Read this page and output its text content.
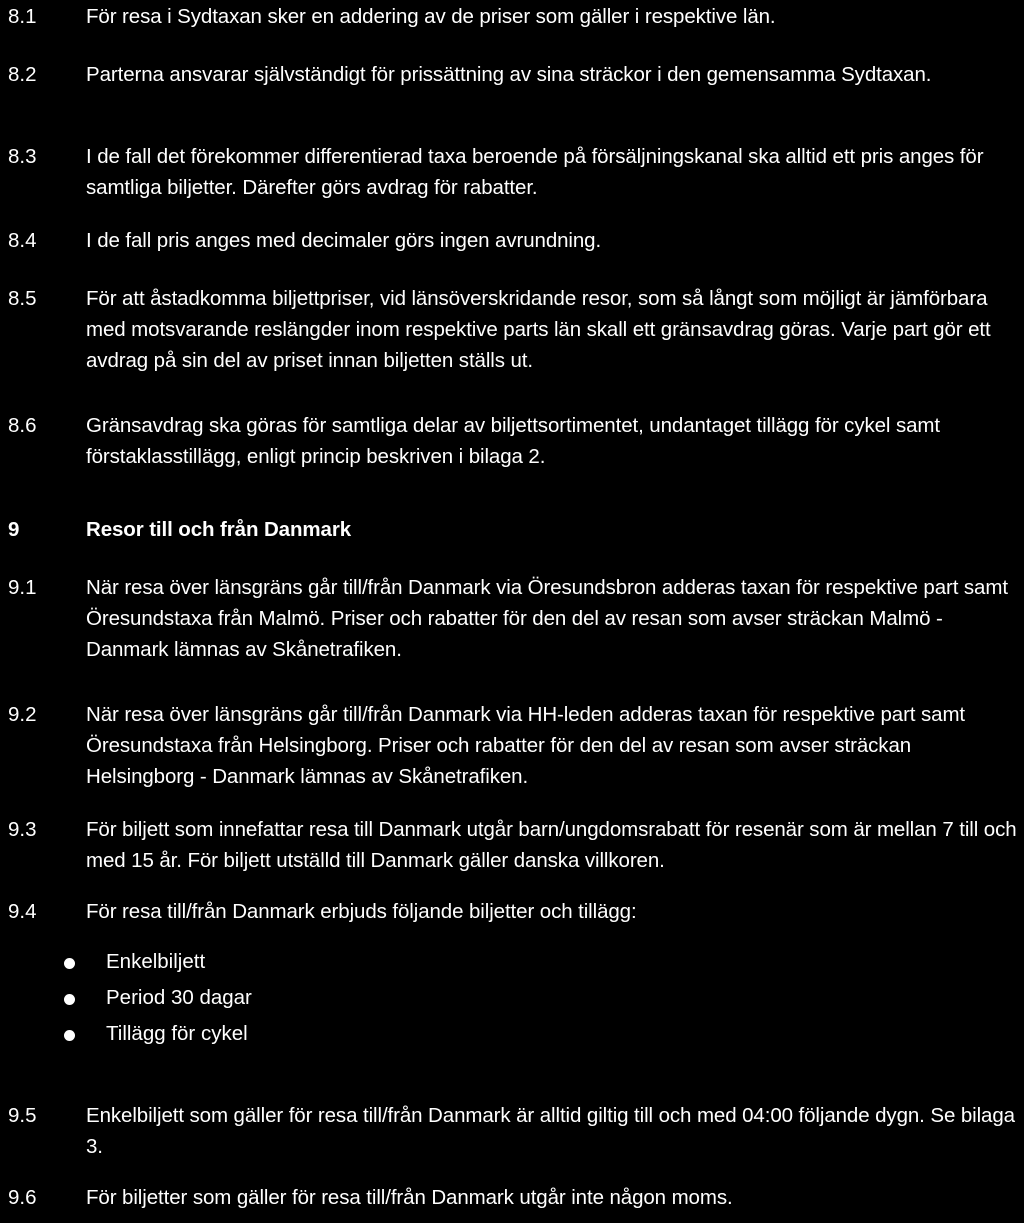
8.1	För resa i Sydtaxan sker en addering av de priser som gäller i respektive län.
8.2	Parterna ansvarar självständigt för prissättning av sina sträckor i den gemensamma Sydtaxan.
8.3	I de fall det förekommer differentierad taxa beroende på försäljningskanal ska alltid ett pris anges för samtliga biljetter. Därefter görs avdrag för rabatter.
8.4	I de fall pris anges med decimaler görs ingen avrundning.
8.5	För att åstadkomma biljettpriser, vid länsöverskridande resor, som så långt som möjligt är jämförbara med motsvarande reslängder inom respektive parts län skall ett gränsavdrag göras. Varje part gör ett avdrag på sin del av priset innan biljetten ställs ut.
8.6	Gränsavdrag ska göras för samtliga delar av biljettsortimentet, undantaget tillägg för cykel samt förstaklasstillägg, enligt princip beskriven i bilaga 2.
9	Resor till och från Danmark
9.1	När resa över länsgräns går till/från Danmark via Öresundsbron adderas taxan för respektive part samt Öresundstaxa från Malmö. Priser och rabatter för den del av resan som avser sträckan Malmö - Danmark lämnas av Skånetrafiken.
9.2	När resa över länsgräns går till/från Danmark via HH-leden adderas taxan för respektive part samt Öresundstaxa från Helsingborg. Priser och rabatter för den del av resan som avser sträckan Helsingborg - Danmark lämnas av Skånetrafiken.
9.3	För biljett som innefattar resa till Danmark utgår barn/ungdomsrabatt för resenär som är mellan 7 till och med 15 år. För biljett utställd till Danmark gäller danska villkoren.
9.4	För resa till/från Danmark erbjuds följande biljetter och tillägg:
Enkelbiljett
Period 30 dagar
Tillägg för cykel
9.5	Enkelbiljett som gäller för resa till/från Danmark är alltid giltig till och med 04:00 följande dygn. Se bilaga 3.
9.6	För biljetter som gäller för resa till/från Danmark utgår inte någon moms.
